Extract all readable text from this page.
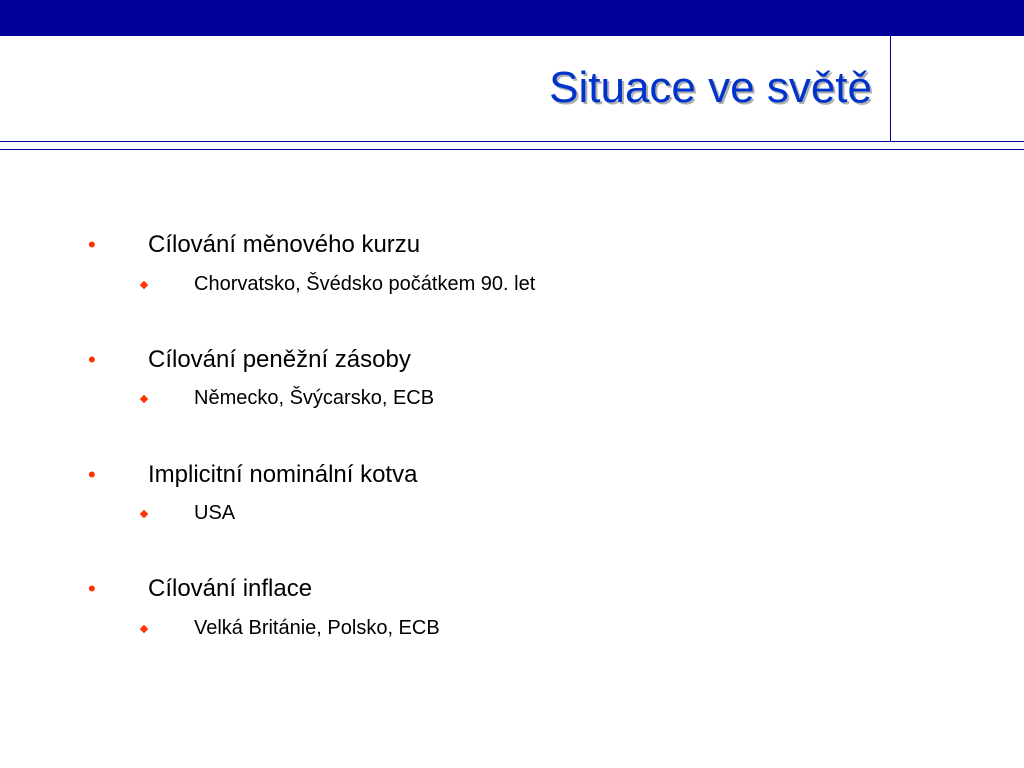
Situace ve světě
• Cílování měnového kurzu
Chorvatsko, Švédsko počátkem 90. let
• Cílování peněžní zásoby
Německo, Švýcarsko, ECB
• Implicitní nominální kotva
USA
• Cílování inflace
Velká Británie, Polsko, ECB
